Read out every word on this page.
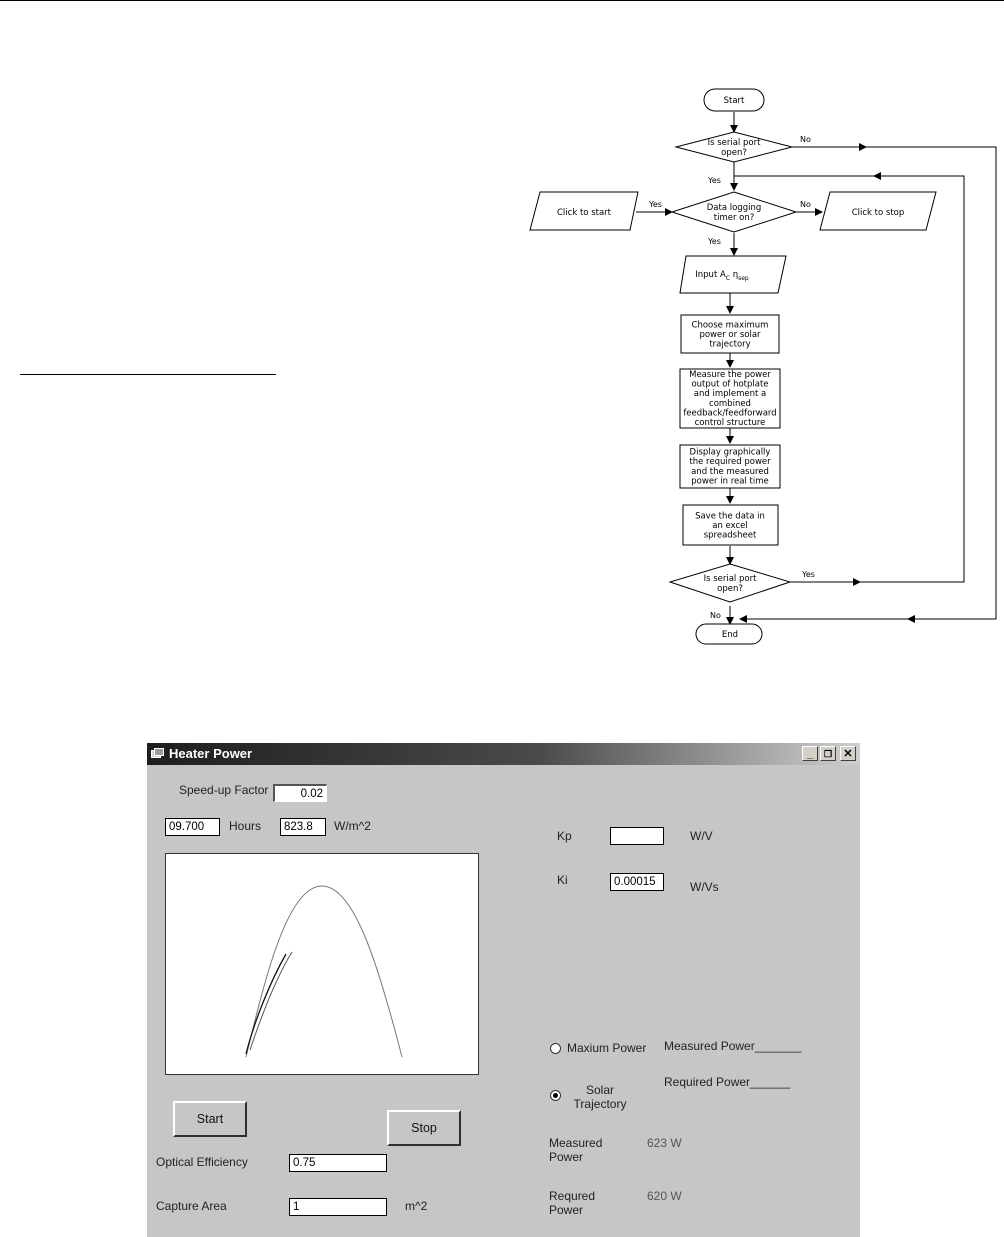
Start
Is serial port open?
Data logging timer on?
Click to start	Click to stop
Input $A_C$ $\eta_{sep}$
Choose maximum power or solar trajectory
Measure the power output of hotplate and implement a combined feedback/feedforward control structure
Display graphically the required power and the measured power in real time
Save the data in an excel spreadsheet
Is serial port open?
End
No
Yes
Yes	No
Yes
Yes
No
Heater Power	_	❐	✕
Speed-up Factor	0.02
09.700	Hours	823.8	W/m^2
Start
Stop
Optical Efficiency	0.75
Capture Area	1	m^2
Kp	W/V
Ki	0.00015	W/Vs
Maxium Power Measured Power_______
Solar Trajectory
Required Power______
Measured Power
623 W
Requred Power
620 W
